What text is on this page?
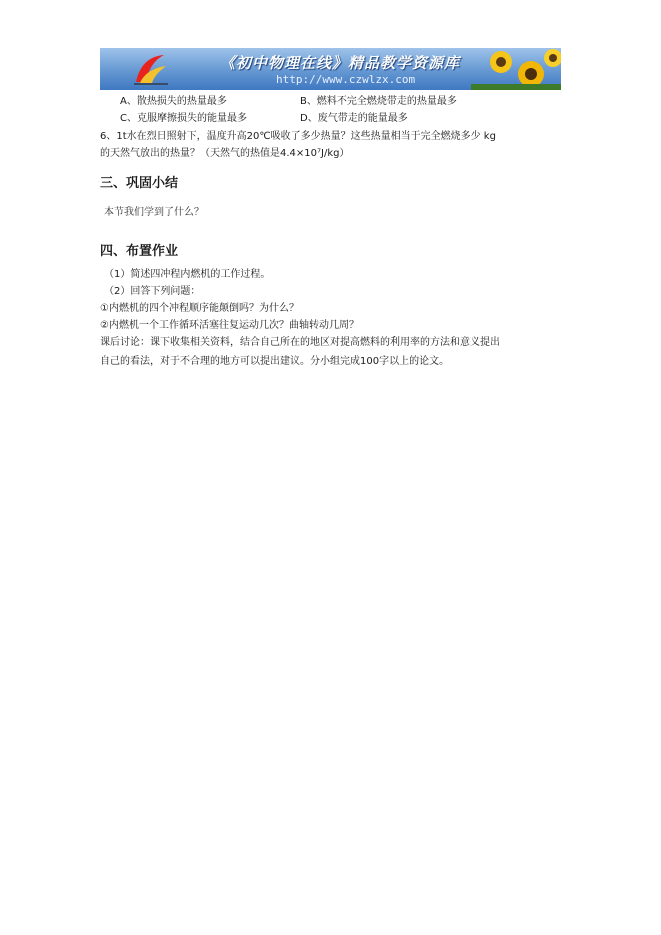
《初中物理在线》精品教学资源库
http://www.czwlzx.com
A、散热损失的热量最多	B、燃料不完全燃烧带走的热量最多
C、克服摩擦损失的能量最多	D、废气带走的能量最多
6、1t水在烈日照射下，温度升高20℃吸收了多少热量？这些热量相当于完全燃烧多少 kg
的天然气放出的热量？（天然气的热值是4.4×10⁷J/kg）
三、巩固小结
本节我们学到了什么？
四、布置作业
（1）简述四冲程内燃机的工作过程。
（2）回答下列问题：
①内燃机的四个冲程顺序能颠倒吗？为什么？
②内燃机一个工作循环活塞往复运动几次？曲轴转动几周？
课后讨论：课下收集相关资料，结合自己所在的地区对提高燃料的利用率的方法和意义提出
自己的看法，对于不合理的地方可以提出建议。分小组完成100字以上的论文。
